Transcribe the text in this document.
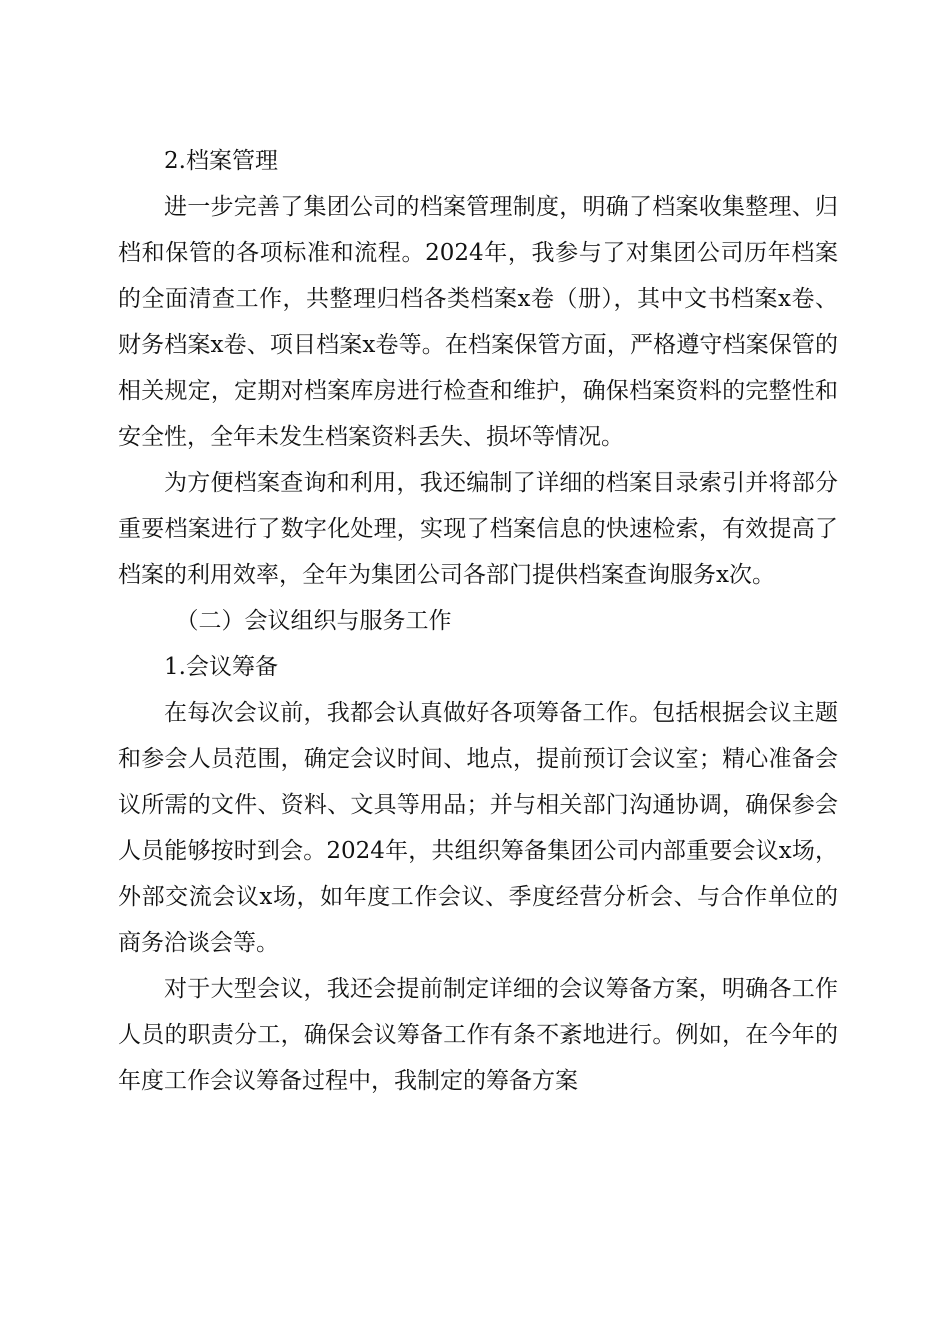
2.档案管理

进一步完善了集团公司的档案管理制度，明确了档案收集整理、归档和保管的各项标准和流程。2024年，我参与了对集团公司历年档案的全面清查工作，共整理归档各类档案x卷（册），其中文书档案x卷、财务档案x卷、项目档案x卷等。在档案保管方面，严格遵守档案保管的相关规定，定期对档案库房进行检查和维护，确保档案资料的完整性和安全性，全年未发生档案资料丢失、损坏等情况。

为方便档案查询和利用，我还编制了详细的档案目录索引并将部分重要档案进行了数字化处理，实现了档案信息的快速检索，有效提高了档案的利用效率，全年为集团公司各部门提供档案查询服务x次。

（二）会议组织与服务工作

1.会议筹备

在每次会议前，我都会认真做好各项筹备工作。包括根据会议主题和参会人员范围，确定会议时间、地点，提前预订会议室；精心准备会议所需的文件、资料、文具等用品；并与相关部门沟通协调，确保参会人员能够按时到会。2024年，共组织筹备集团公司内部重要会议x场，外部交流会议x场，如年度工作会议、季度经营分析会、与合作单位的商务洽谈会等。

对于大型会议，我还会提前制定详细的会议筹备方案，明确各工作人员的职责分工，确保会议筹备工作有条不紊地进行。例如，在今年的年度工作会议筹备过程中，我制定的筹备方案
